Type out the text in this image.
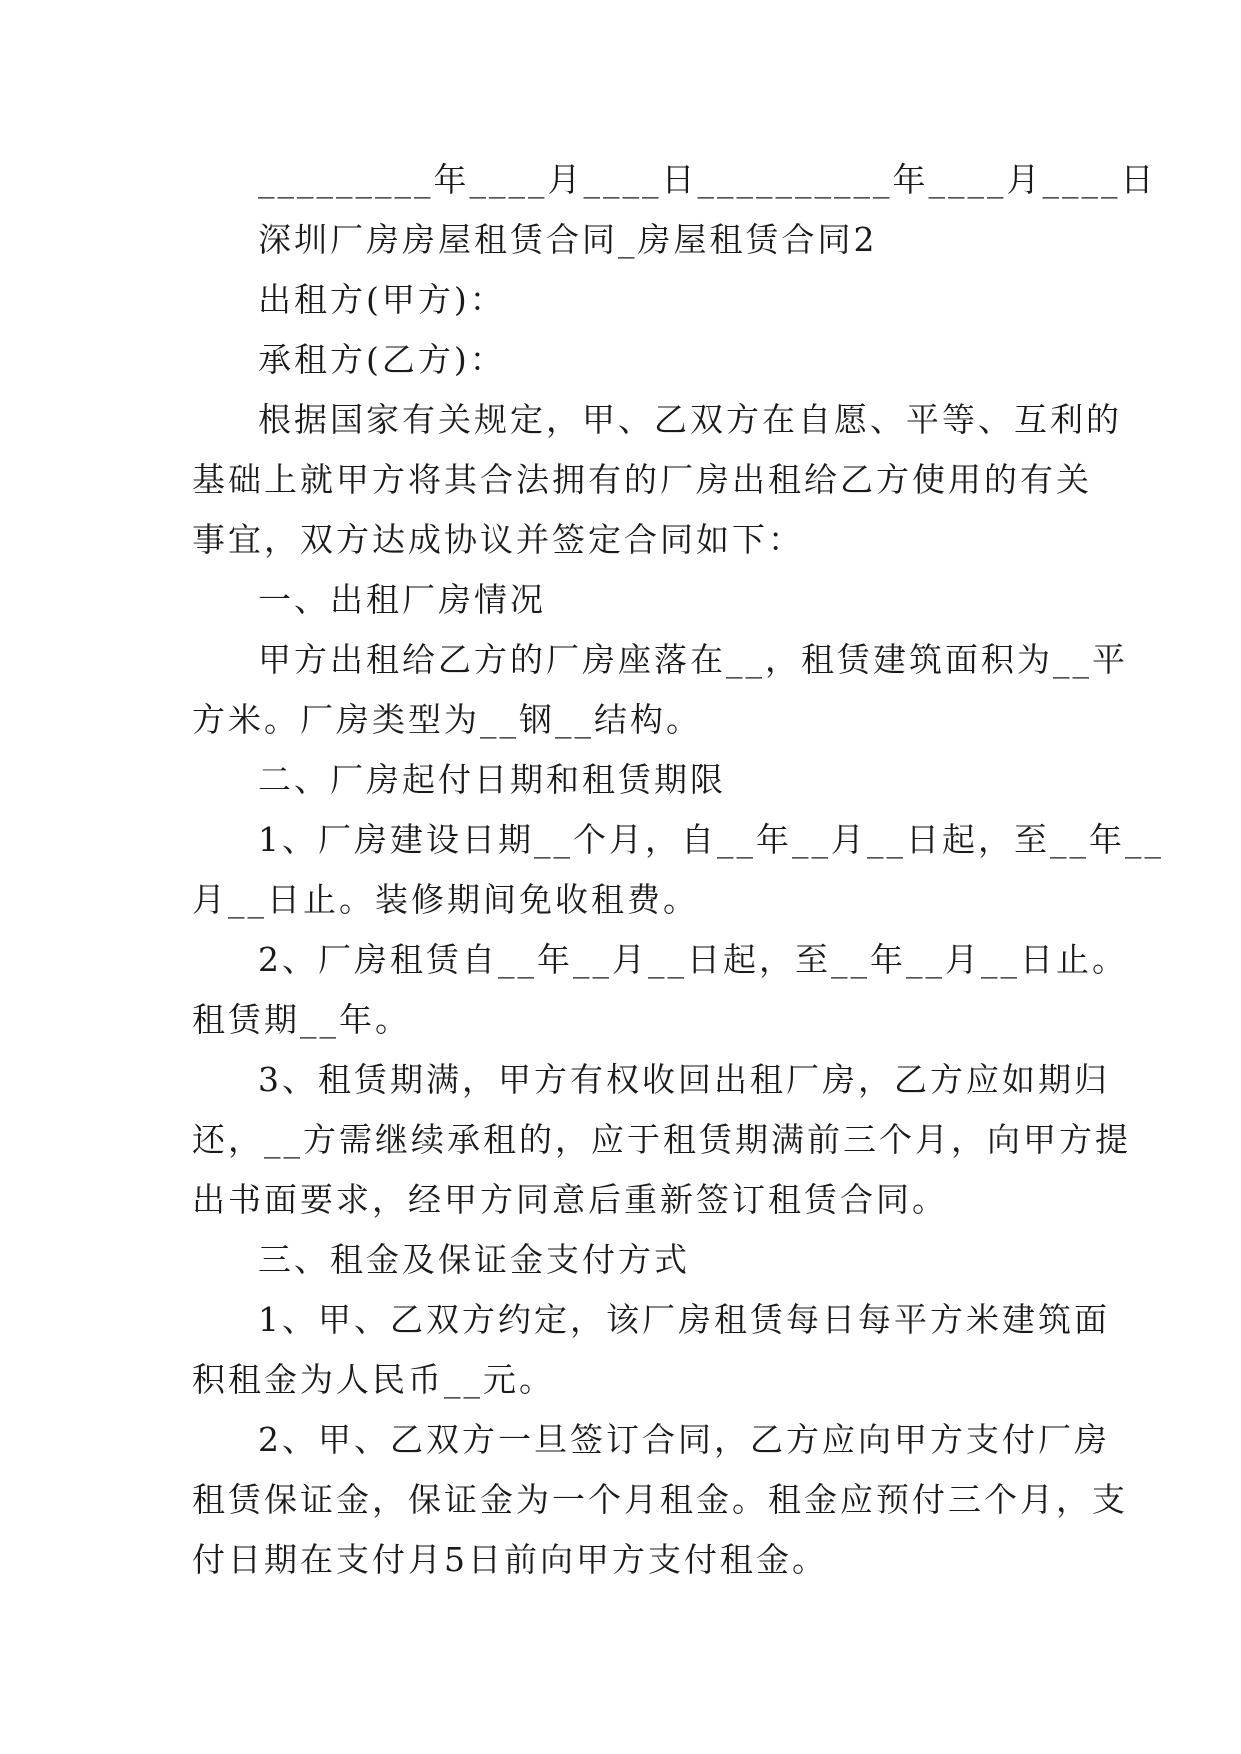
_________年____月____日__________年____月____日
深圳厂房房屋租赁合同_房屋租赁合同2
出租方(甲方)：
承租方(乙方)：
根据国家有关规定，甲、乙双方在自愿、平等、互利的
基础上就甲方将其合法拥有的厂房出租给乙方使用的有关
事宜，双方达成协议并签定合同如下：
一、出租厂房情况
甲方出租给乙方的厂房座落在__，租赁建筑面积为__平
方米。厂房类型为__钢__结构。
二、厂房起付日期和租赁期限
1、厂房建设日期__个月，自__年__月__日起，至__年__
月__日止。装修期间免收租费。
2、厂房租赁自__年__月__日起，至__年__月__日止。
租赁期__年。
3、租赁期满，甲方有权收回出租厂房，乙方应如期归
还，__方需继续承租的，应于租赁期满前三个月，向甲方提
出书面要求，经甲方同意后重新签订租赁合同。
三、租金及保证金支付方式
1、甲、乙双方约定，该厂房租赁每日每平方米建筑面
积租金为人民币__元。
2、甲、乙双方一旦签订合同，乙方应向甲方支付厂房
租赁保证金，保证金为一个月租金。租金应预付三个月，支
付日期在支付月5日前向甲方支付租金。
